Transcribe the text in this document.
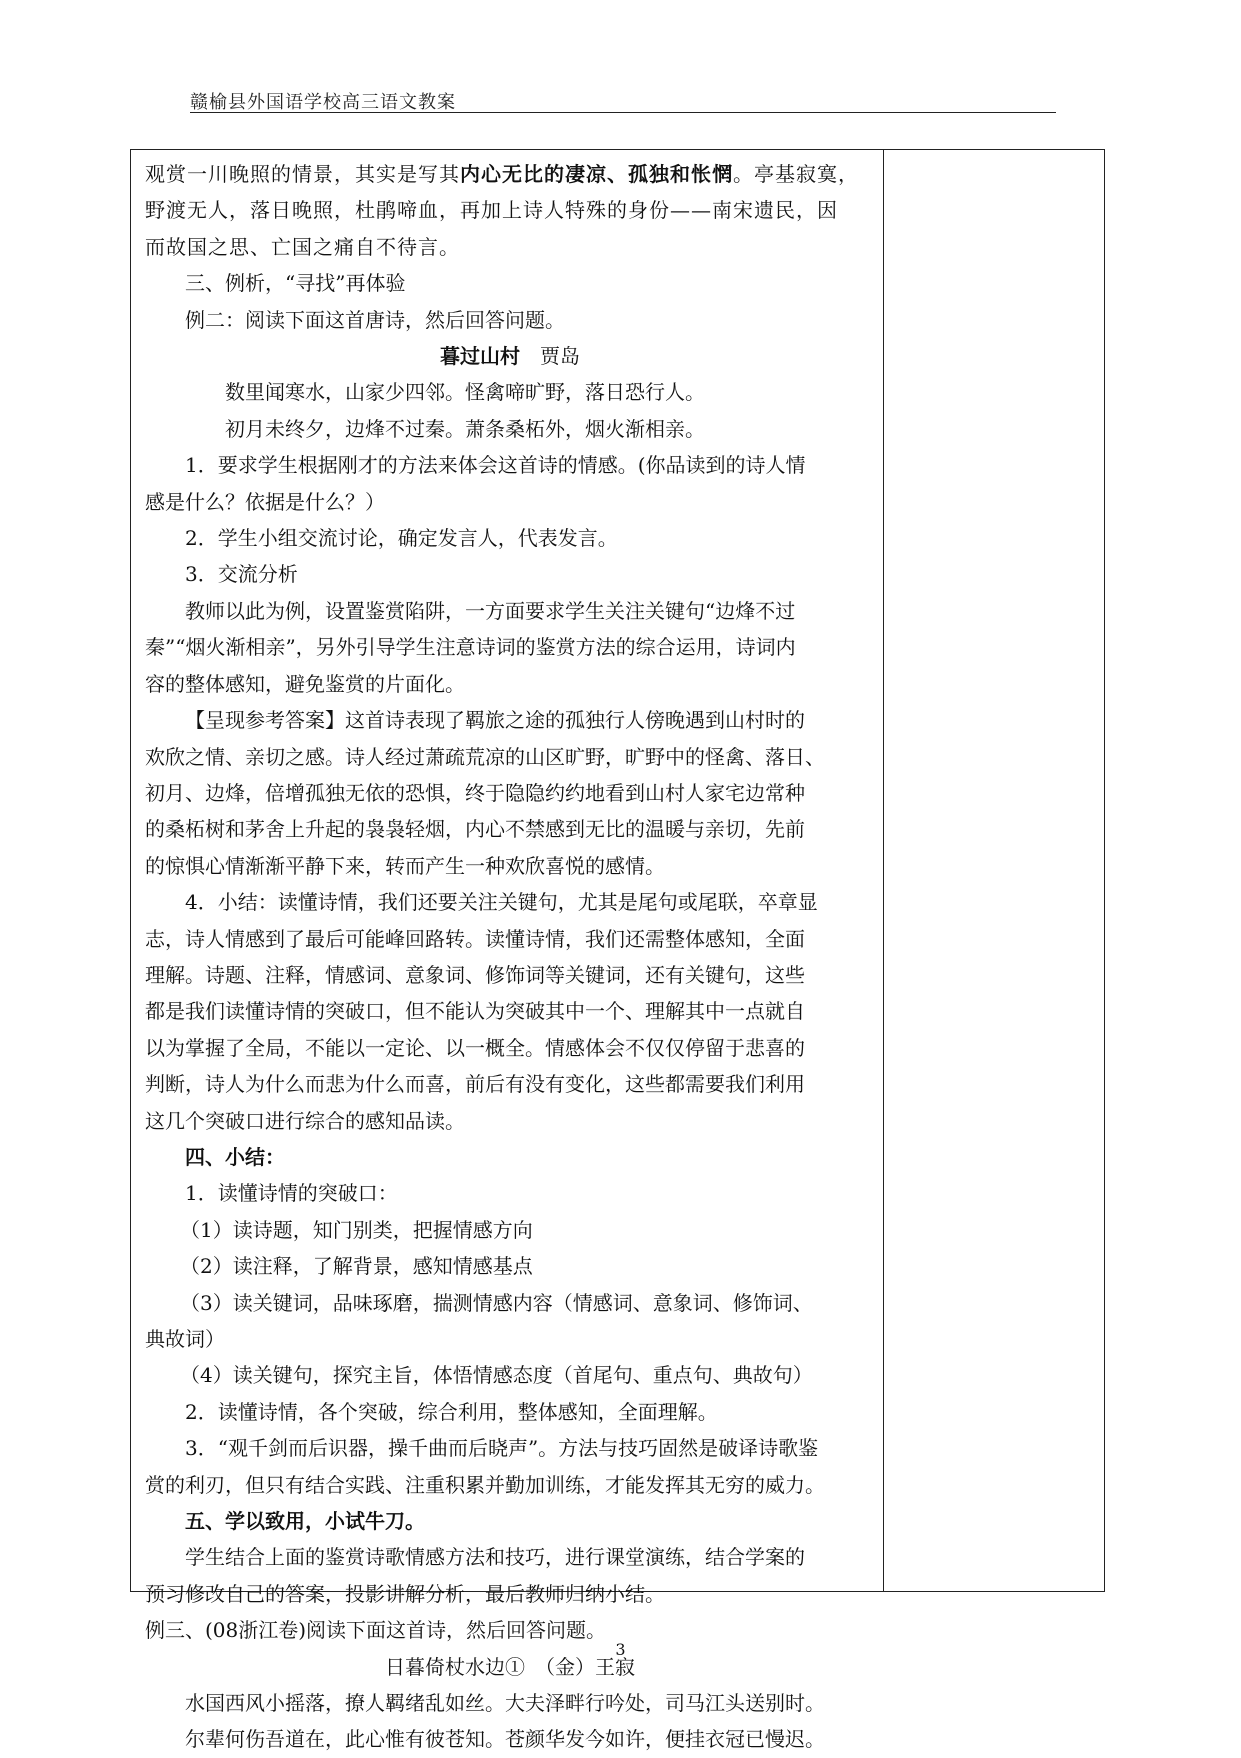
赣榆县外国语学校高三语文教案
观赏一川晚照的情景，其实是写其内心无比的凄凉、孤独和怅惘。亭基寂寞，
野渡无人，落日晚照，杜鹃啼血，再加上诗人特殊的身份——南宋遗民，因
而故国之思、亡国之痛自不待言。
三、例析，“寻找”再体验
例二：阅读下面这首唐诗，然后回答问题。
暮过山村　贾岛
数里闻寒水，山家少四邻。怪禽啼旷野，落日恐行人。
初月未终夕，边烽不过秦。萧条桑柘外，烟火渐相亲。
1．要求学生根据刚才的方法来体会这首诗的情感。(你品读到的诗人情
感是什么？依据是什么？）
2．学生小组交流讨论，确定发言人，代表发言。
3．交流分析
教师以此为例，设置鉴赏陷阱，一方面要求学生关注关键句“边烽不过
秦”“烟火渐相亲”，另外引导学生注意诗词的鉴赏方法的综合运用，诗词内
容的整体感知，避免鉴赏的片面化。
【呈现参考答案】这首诗表现了羁旅之途的孤独行人傍晚遇到山村时的
欢欣之情、亲切之感。诗人经过萧疏荒凉的山区旷野，旷野中的怪禽、落日、
初月、边烽，倍增孤独无依的恐惧，终于隐隐约约地看到山村人家宅边常种
的桑柘树和茅舍上升起的袅袅轻烟，内心不禁感到无比的温暖与亲切，先前
的惊惧心情渐渐平静下来，转而产生一种欢欣喜悦的感情。
4．小结：读懂诗情，我们还要关注关键句，尤其是尾句或尾联，卒章显
志，诗人情感到了最后可能峰回路转。读懂诗情，我们还需整体感知，全面
理解。诗题、注释，情感词、意象词、修饰词等关键词，还有关键句，这些
都是我们读懂诗情的突破口，但不能认为突破其中一个、理解其中一点就自
以为掌握了全局，不能以一定论、以一概全。情感体会不仅仅停留于悲喜的
判断，诗人为什么而悲为什么而喜，前后有没有变化，这些都需要我们利用
这几个突破口进行综合的感知品读。
四、小结：
1．读懂诗情的突破口：
（1）读诗题，知门别类，把握情感方向
（2）读注释，了解背景，感知情感基点
（3）读关键词，品味琢磨，揣测情感内容（情感词、意象词、修饰词、
典故词）
（4）读关键句，探究主旨，体悟情感态度（首尾句、重点句、典故句）
2．读懂诗情，各个突破，综合利用，整体感知，全面理解。
3．“观千剑而后识器，操千曲而后晓声”。方法与技巧固然是破译诗歌鉴
赏的利刃，但只有结合实践、注重积累并勤加训练，才能发挥其无穷的威力。
五、学以致用，小试牛刀。
学生结合上面的鉴赏诗歌情感方法和技巧，进行课堂演练，结合学案的
预习修改自己的答案，投影讲解分析，最后教师归纳小结。
例三、(08浙江卷)阅读下面这首诗，然后回答问题。
日暮倚杖水边①　（金）王寂
水国西风小摇落，撩人羁绪乱如丝。大夫泽畔行吟处，司马江头送别时。
尔辈何伤吾道在，此心惟有彼苍知。苍颜华发今如许，便挂衣冠已慢迟。
3
